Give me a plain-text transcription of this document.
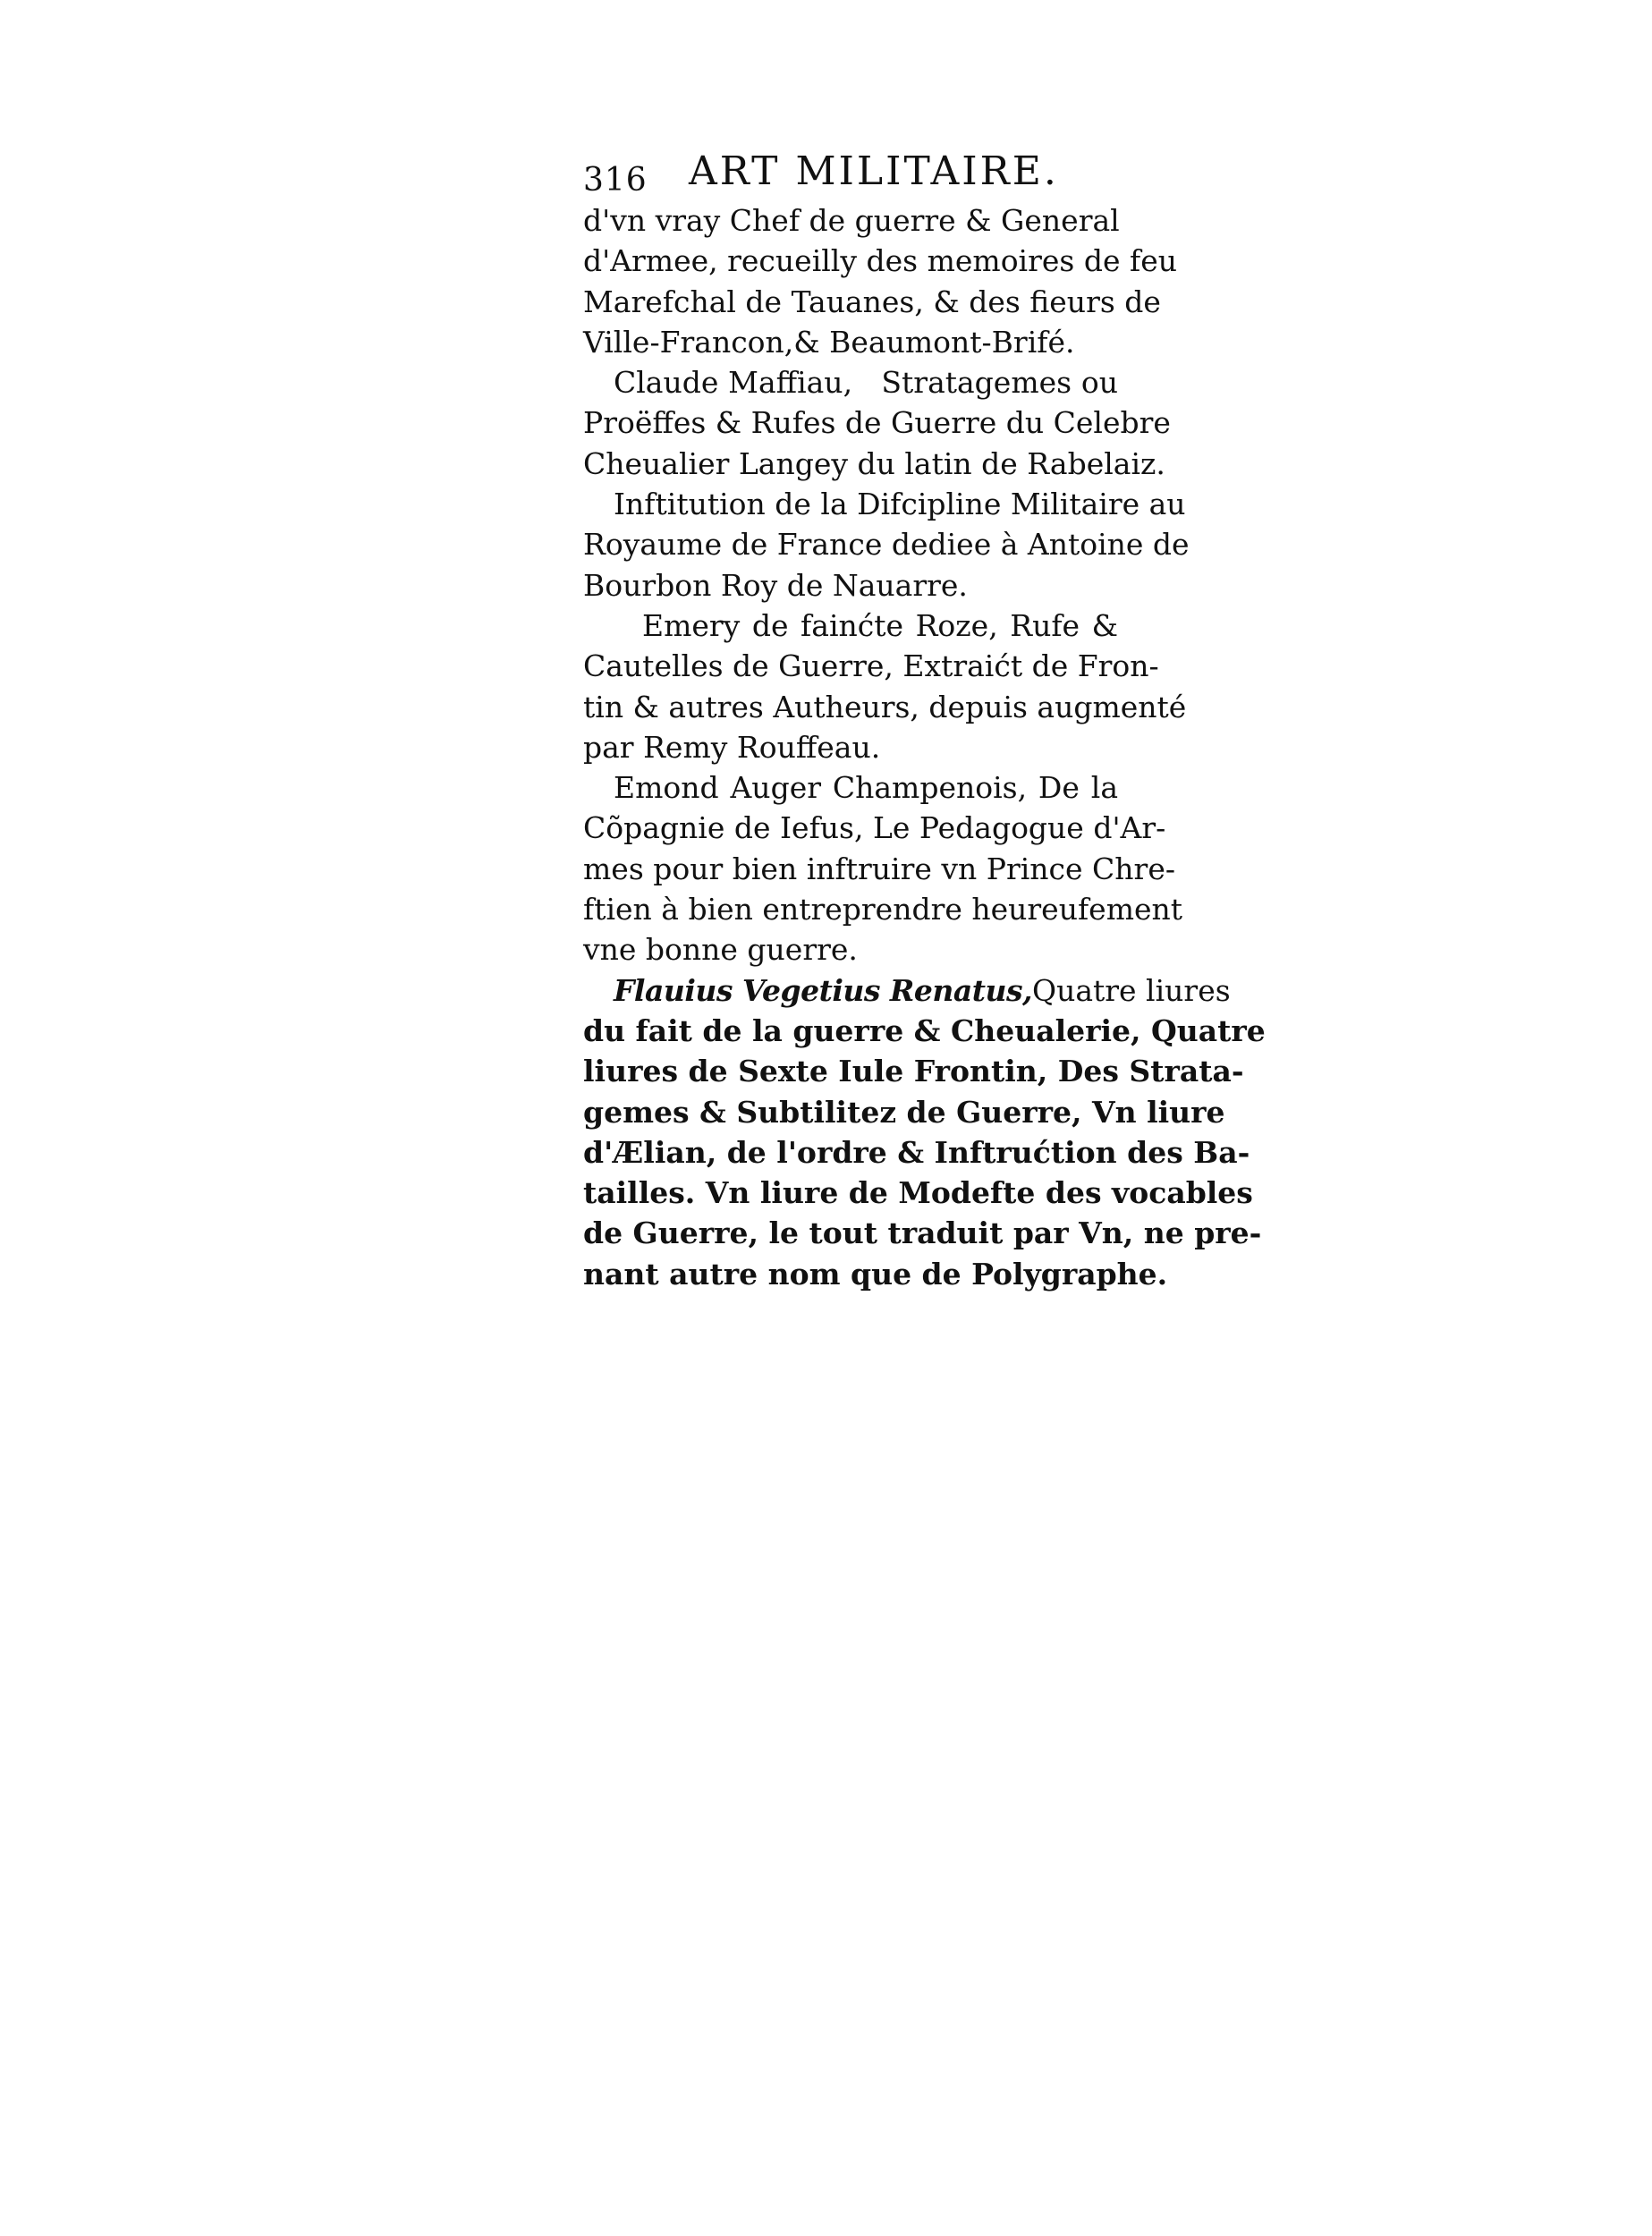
316 ART MILITAIRE.
d'vn vray Chef de guerre & General
d'Armee, recueilly des memoires de feu
Marefchal de Tauanes, & des fieurs de
Ville-Francon,& Beaumont-Brifé.
Claude Maffiau,   Stratagemes ou
Proëffes & Rufes de Guerre du Celebre
Cheualier Langey du latin de Rabelaiz.
Inftitution de la Difcipline Militaire au
Royaume de France dediee à Antoine de
Bourbon Roy de Nauarre.
Emery de fainćte Roze, Rufe &
Cautelles de Guerre, Extraićt de Fron-
tin & autres Autheurs, depuis augmenté
par Remy Rouffeau.
Emond Auger Champenois, De la
Cõpagnie de Iefus, Le Pedagogue d'Ar-
mes pour bien inftruire vn Prince Chre-
ftien à bien entreprendre heureufement
vne bonne guerre.
Flauius Vegetius Renatus,Quatre liures
du fait de la guerre & Cheualerie, Quatre
liures de Sexte Iule Frontin, Des Strata-
gemes & Subtilitez de Guerre, Vn liure
d'Ælian, de l'ordre & Inftrućtion des Ba-
tailles. Vn liure de Modefte des vocables
de Guerre, le tout traduit par Vn, ne pre-
nant autre nom que de Polygraphe.
